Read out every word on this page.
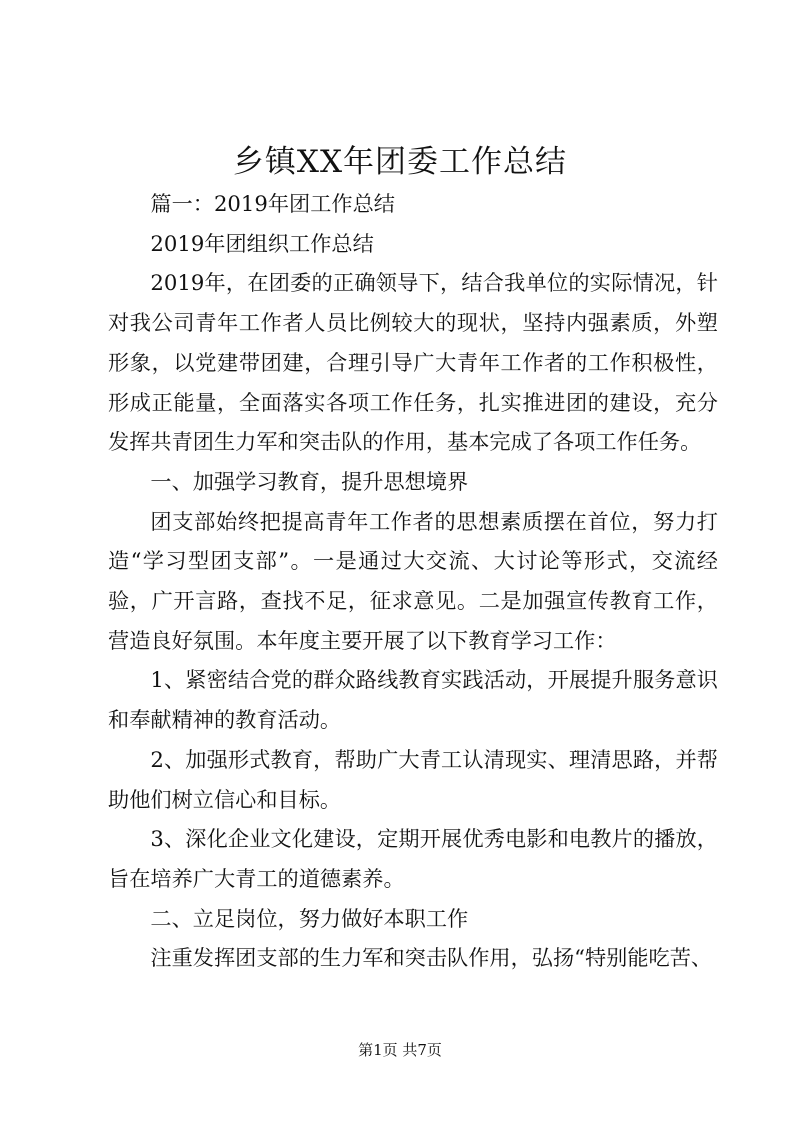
乡镇XX年团委工作总结

篇一：2019年团工作总结

2019年团组织工作总结

2019年，在团委的正确领导下，结合我单位的实际情况，针对我公司青年工作者人员比例较大的现状，坚持内强素质，外塑形象，以党建带团建，合理引导广大青年工作者的工作积极性，形成正能量，全面落实各项工作任务，扎实推进团的建设，充分发挥共青团生力军和突击队的作用，基本完成了各项工作任务。

一、加强学习教育，提升思想境界

团支部始终把提高青年工作者的思想素质摆在首位，努力打造“学习型团支部”。一是通过大交流、大讨论等形式，交流经验，广开言路，查找不足，征求意见。二是加强宣传教育工作，营造良好氛围。本年度主要开展了以下教育学习工作：

1、紧密结合党的群众路线教育实践活动，开展提升服务意识和奉献精神的教育活动。

2、加强形式教育，帮助广大青工认清现实、理清思路，并帮助他们树立信心和目标。

3、深化企业文化建设，定期开展优秀电影和电教片的播放，旨在培养广大青工的道德素养。

二、立足岗位，努力做好本职工作

注重发挥团支部的生力军和突击队作用，弘扬“特别能吃苦、

第1页 共7页
